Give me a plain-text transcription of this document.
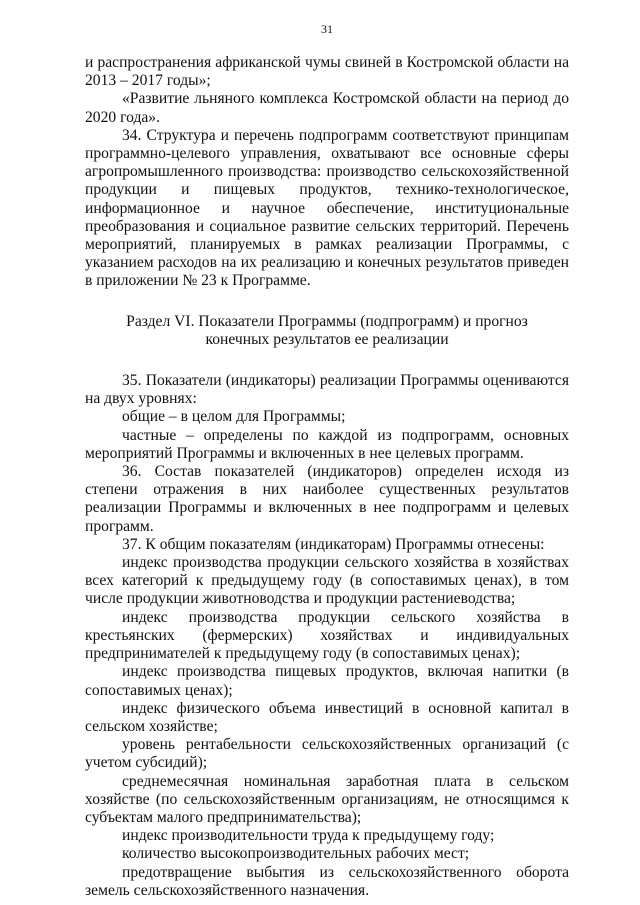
31

и распространения африканской чумы свиней в Костромской области на 2013 – 2017 годы»;

«Развитие льняного комплекса Костромской области на период до 2020 года».

34. Структура и перечень подпрограмм соответствуют принципам программно-целевого управления, охватывают все основные сферы агропромышленного производства: производство сельскохозяйственной продукции и пищевых продуктов, технико-технологическое, информационное и научное обеспечение, институциональные преобразования и социальное развитие сельских территорий. Перечень мероприятий, планируемых в рамках реализации Программы, с указанием расходов на их реализацию и конечных результатов приведен в приложении № 23 к Программе.

Раздел VI. Показатели Программы (подпрограмм) и прогноз
конечных результатов ее реализации

35. Показатели (индикаторы) реализации Программы оцениваются на двух уровнях:

общие – в целом для Программы;

частные – определены по каждой из подпрограмм, основных мероприятий Программы и включенных в нее целевых программ.

36. Состав показателей (индикаторов) определен исходя из степени отражения в них наиболее существенных результатов реализации Программы и включенных в нее подпрограмм и целевых программ.

37. К общим показателям (индикаторам) Программы отнесены:

индекс производства продукции сельского хозяйства в хозяйствах всех категорий к предыдущему году (в сопоставимых ценах), в том числе продукции животноводства и продукции растениеводства;

индекс производства продукции сельского хозяйства в крестьянских (фермерских) хозяйствах и индивидуальных предпринимателей к предыдущему году (в сопоставимых ценах);

индекс производства пищевых продуктов, включая напитки (в сопоставимых ценах);

индекс физического объема инвестиций в основной капитал в сельском хозяйстве;

уровень рентабельности сельскохозяйственных организаций (с учетом субсидий);

среднемесячная номинальная заработная плата в сельском хозяйстве (по сельскохозяйственным организациям, не относящимся к субъектам малого предпринимательства);

индекс производительности труда к предыдущему году;

количество высокопроизводительных рабочих мест;

предотвращение выбытия из сельскохозяйственного оборота земель сельскохозяйственного назначения.
